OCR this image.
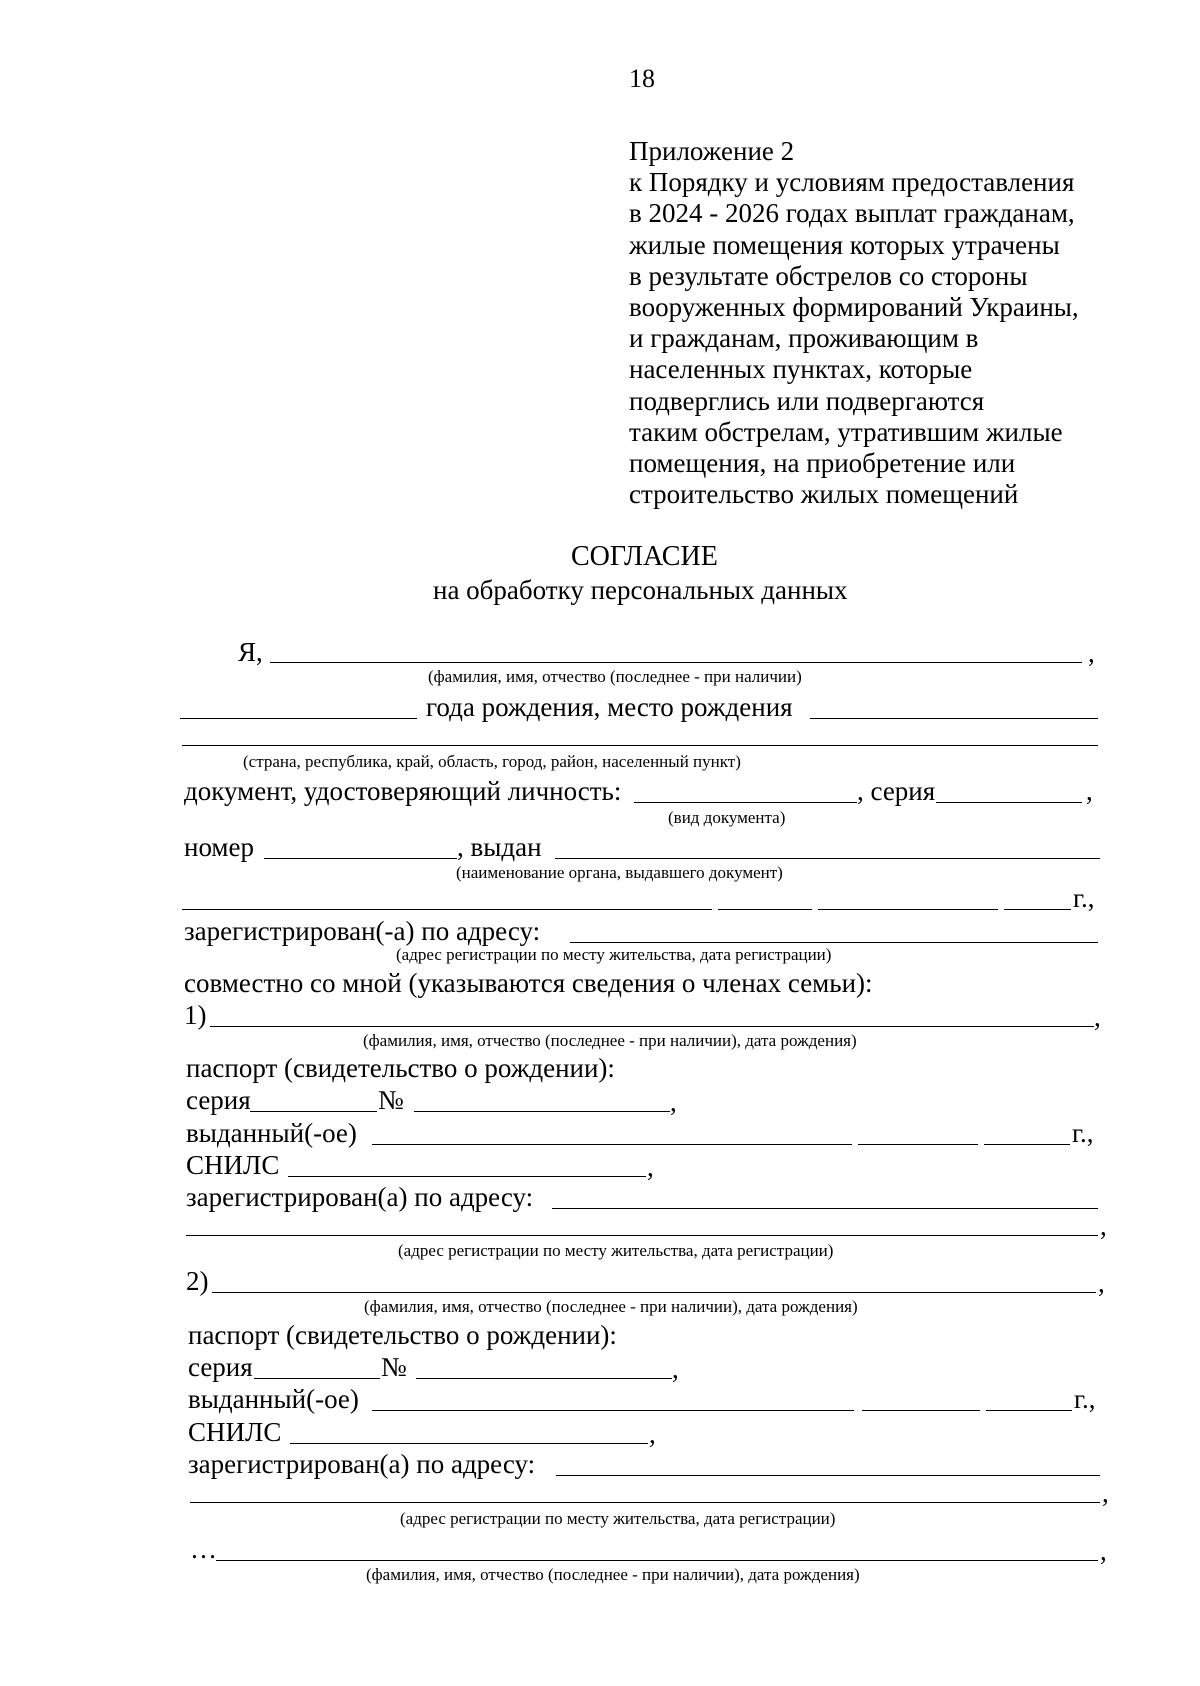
18
Приложение 2
к Порядку и условиям предоставления
в 2024 - 2026 годах выплат гражданам,
жилые помещения которых утрачены
в результате обстрелов со стороны
вооруженных формирований Украины,
и гражданам, проживающим в
населенных пунктах, которые
подверглись или подвергаются
таким обстрелам, утратившим жилые
помещения, на приобретение или
строительство жилых помещений
СОГЛАСИЕ
на обработку персональных данных
Я,	,
(фамилия, имя, отчество (последнее - при наличии)
года рождения, место рождения
(страна, республика, край, область, город, район, населенный пункт)
документ, удостоверяющий личность:	, серия	,
(вид документа)
номер	, выдан
(наименование органа, выдавшего документ)
г.,
зарегистрирован(-а) по адресу:
(адрес регистрации по месту жительства, дата регистрации)
совместно со мной (указываются сведения о членах семьи):
1)	,
(фамилия, имя, отчество (последнее - при наличии), дата рождения)
паспорт (свидетельство о рождении):
серия	№	,
выданный(-ое)	г.,
СНИЛС	,
зарегистрирован(а) по адресу:
,
(адрес регистрации по месту жительства, дата регистрации)
2)	,
(фамилия, имя, отчество (последнее - при наличии), дата рождения)
паспорт (свидетельство о рождении):
серия	№	,
выданный(-ое)	г.,
СНИЛС	,
зарегистрирован(а) по адресу:
,
(адрес регистрации по месту жительства, дата регистрации)
…	,
(фамилия, имя, отчество (последнее - при наличии), дата рождения)
